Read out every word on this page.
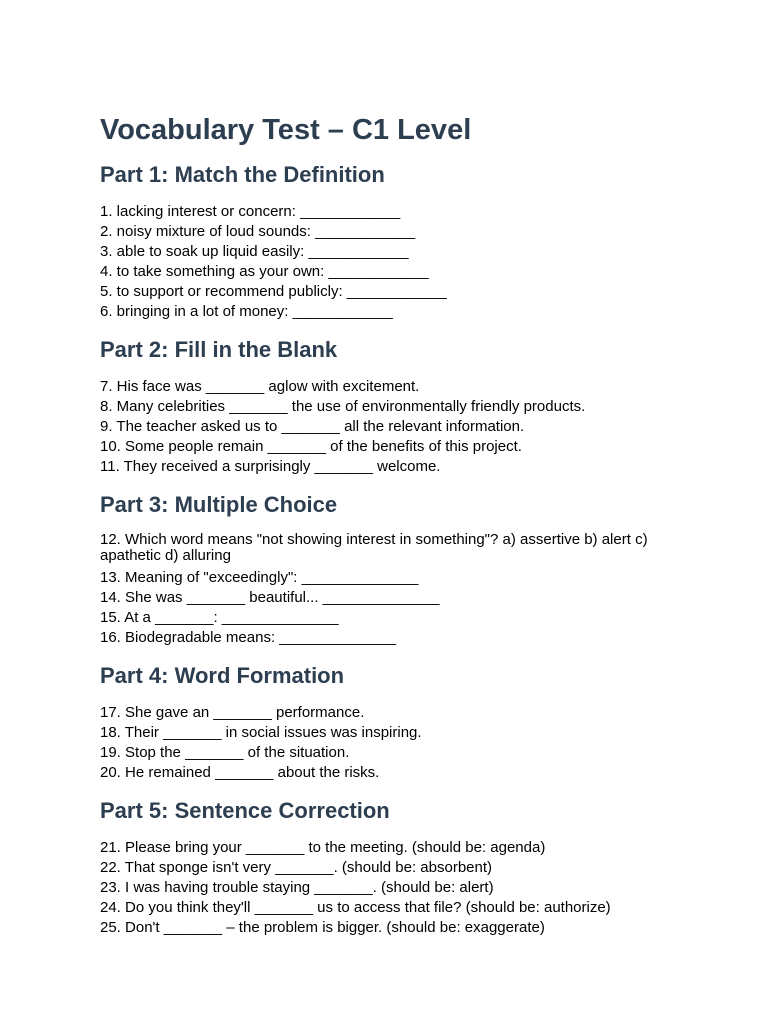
Vocabulary Test – C1 Level
Part 1: Match the Definition
1. lacking interest or concern: ____________
2. noisy mixture of loud sounds: ____________
3. able to soak up liquid easily: ____________
4. to take something as your own: ____________
5. to support or recommend publicly: ____________
6. bringing in a lot of money: ____________
Part 2: Fill in the Blank
7. His face was _______ aglow with excitement.
8. Many celebrities _______ the use of environmentally friendly products.
9. The teacher asked us to _______ all the relevant information.
10. Some people remain _______ of the benefits of this project.
11. They received a surprisingly _______ welcome.
Part 3: Multiple Choice
12. Which word means "not showing interest in something"? a) assertive b) alert c) apathetic d) alluring
13. Meaning of "exceedingly": ______________
14. She was _______ beautiful... ______________
15. At a _______: ______________
16. Biodegradable means: ______________
Part 4: Word Formation
17. She gave an _______ performance.
18. Their _______ in social issues was inspiring.
19. Stop the _______ of the situation.
20. He remained _______ about the risks.
Part 5: Sentence Correction
21. Please bring your _______ to the meeting. (should be: agenda)
22. That sponge isn't very _______. (should be: absorbent)
23. I was having trouble staying _______. (should be: alert)
24. Do you think they'll _______ us to access that file? (should be: authorize)
25. Don't _______ – the problem is bigger. (should be: exaggerate)
